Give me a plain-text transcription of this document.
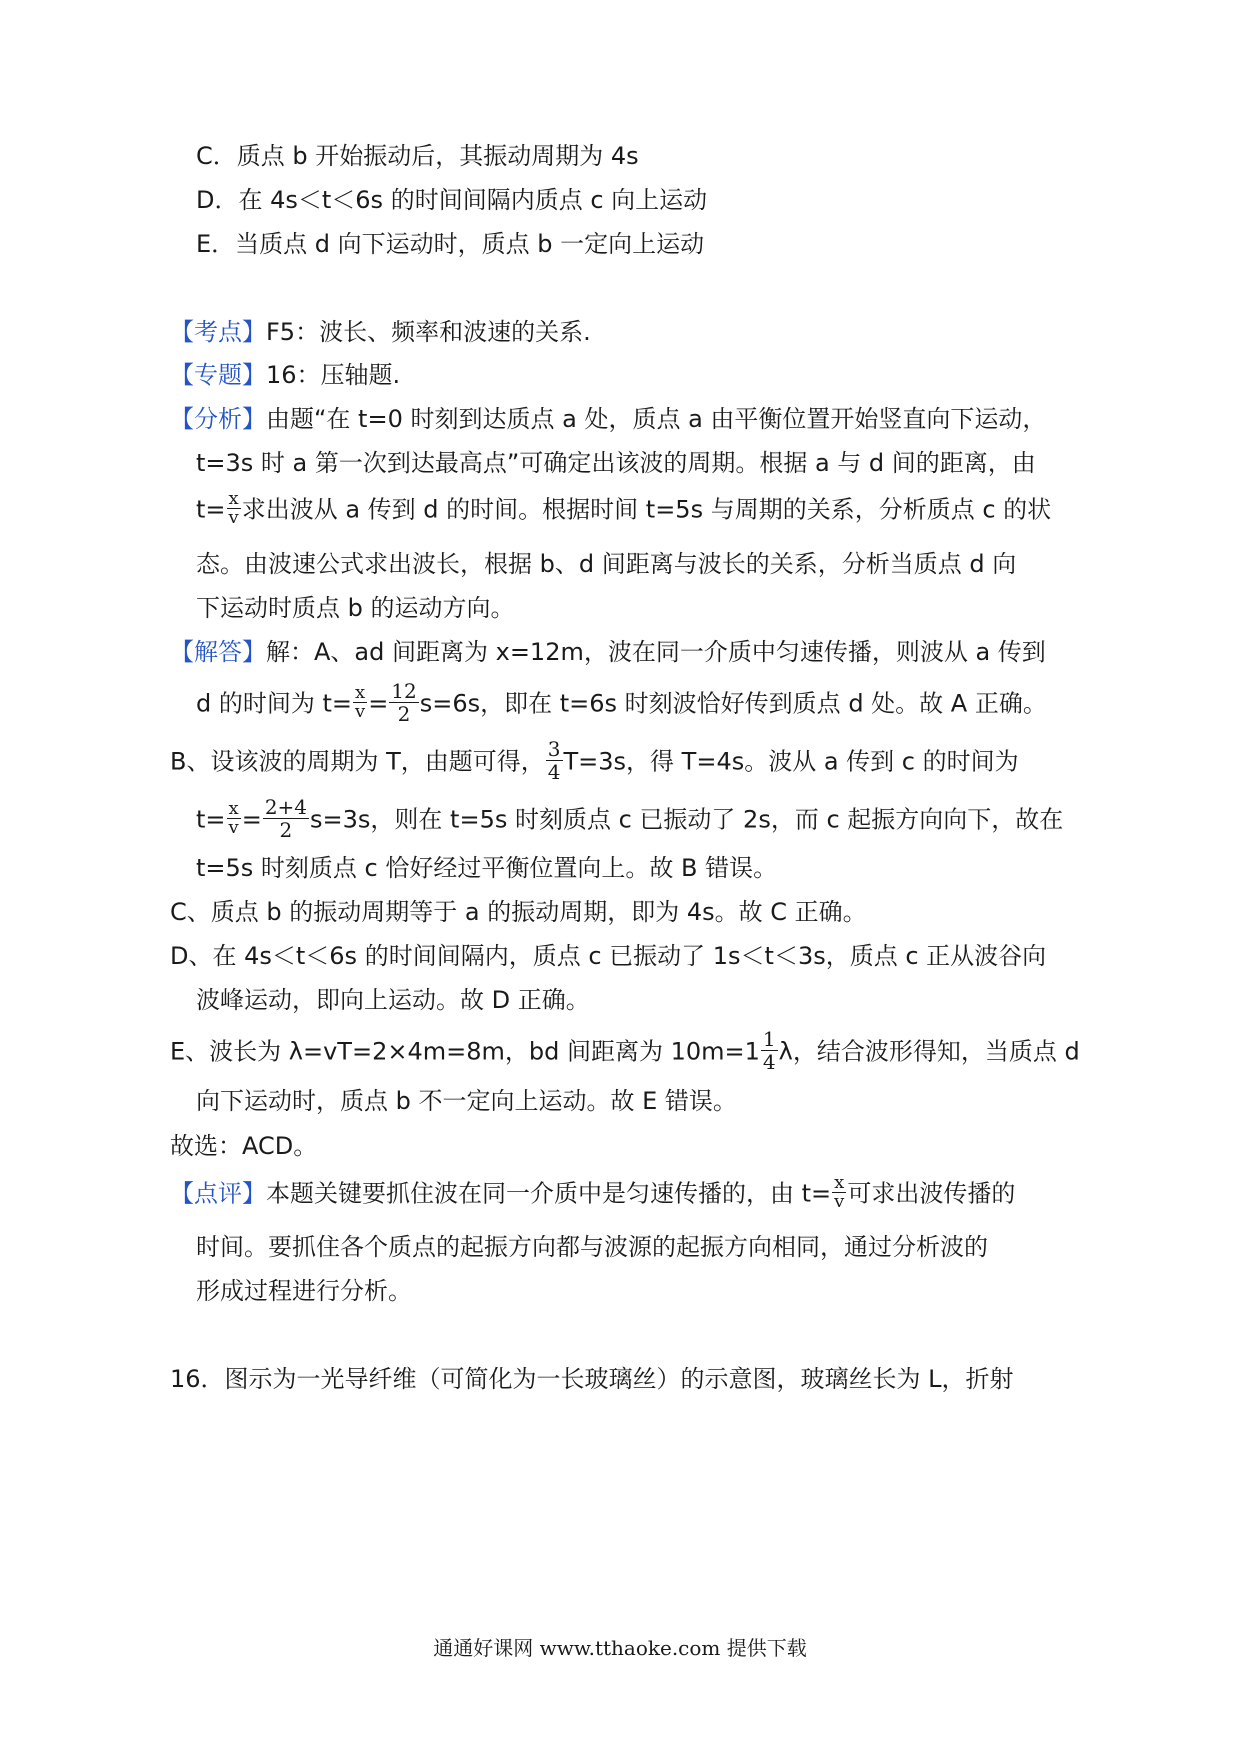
C．质点 b 开始振动后，其振动周期为 4s
D．在 4s＜t＜6s 的时间间隔内质点 c 向上运动
E．当质点 d 向下运动时，质点 b 一定向上运动
【考点】F5：波长、频率和波速的关系.
【专题】16：压轴题.
【分析】由题“在 t=0 时刻到达质点 a 处，质点 a 由平衡位置开始竖直向下运动，
t=3s 时 a 第一次到达最高点”可确定出该波的周期。根据 a 与 d 间的距离，由
$t= \frac{x}{v}$ 求出波从 a 传到 d 的时间。根据时间 t=5s 与周期的关系，分析质点 c 的状
态。由波速公式求出波长，根据 b、d 间距离与波长的关系，分析当质点 d 向
下运动时质点 b 的运动方向。
【解答】解：A、ad 间距离为 x=12m，波在同一介质中匀速传播，则波从 a 传到
d 的时间为 $t= \frac{x}{v} = \frac{12}{2} s=6s$，即在 t=6s 时刻波恰好传到质点 d 处。故 A 正确。
B、设该波的周期为 T，由题可得， $\frac{3}{4} T=3s$，得 T=4s。波从 a 传到 c 的时间为
$t= \frac{x}{v} = \frac{2+4}{2} s=3s$，则在 t=5s 时刻质点 c 已振动了 2s，而 c 起振方向向下，故在
t=5s 时刻质点 c 恰好经过平衡位置向上。故 B 错误。
C、质点 b 的振动周期等于 a 的振动周期，即为 4s。故 C 正确。
D、在 4s＜t＜6s 的时间间隔内，质点 c 已振动了 1s＜t＜3s，质点 c 正从波谷向
波峰运动，即向上运动。故 D 正确。
E、波长为 λ=vT=2×4m=8m，bd 间距离为 $10m=1 \frac{1}{4}$ λ，结合波形得知，当质点 d
向下运动时，质点 b 不一定向上运动。故 E 错误。
故选：ACD。
【点评】本题关键要抓住波在同一介质中是匀速传播的，由 $t= \frac{x}{v}$ 可求出波传播的
时间。要抓住各个质点的起振方向都与波源的起振方向相同，通过分析波的
形成过程进行分析。
16．图示为一光导纤维（可简化为一长玻璃丝）的示意图，玻璃丝长为 L，折射
通通好课网 www.tthaoke.com 提供下载
